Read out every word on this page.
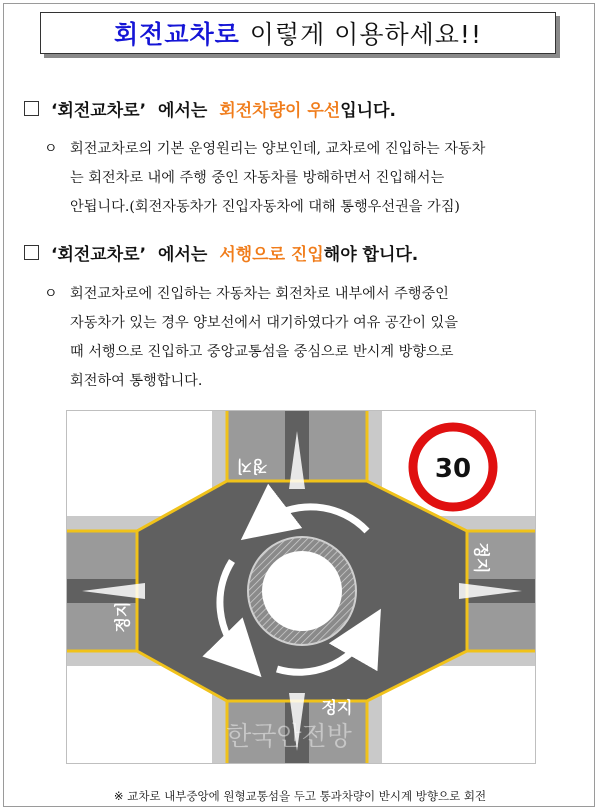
회전교차로 이렇게 이용하세요!!
‘회전교차로’ 에서는 회전차량이 우선 입니다.
ㅇ 회전교차로의 기본 운영원리는 양보인데, 교차로에 진입하는 자동차
는 회전차로 내에 주행 중인 자동차를 방해하면서 진입해서는
안됩니다.(회전자동차가 진입자동차에 대해 통행우선권을 가짐)
‘회전교차로’ 에서는 서행으로 진입 해야 합니다.
ㅇ 회전교차로에 진입하는 자동차는 회전차로 내부에서 주행중인
자동차가 있는 경우 양보선에서 대기하였다가 여유 공간이 있을
때 서행으로 진입하고 중앙교통섬을 중심으로 반시계 방향으로
회전하여 통행합니다.
30
정지
정지
정지
정지
한국안전방
※ 교차로 내부중앙에 원형교통섬을 두고 통과차량이 반시계 방향으로 회전
